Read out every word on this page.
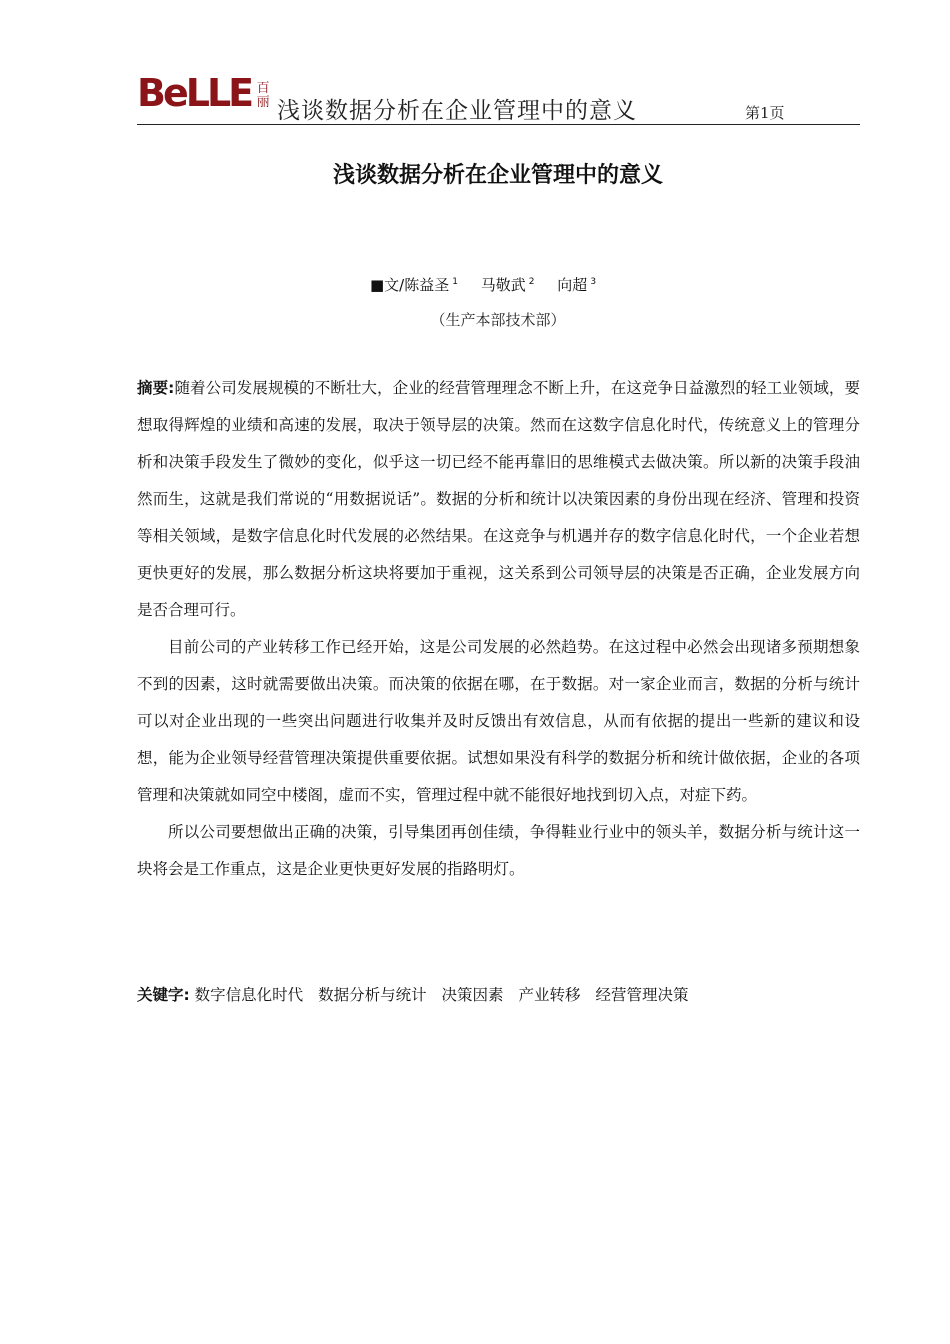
BeLLE 百丽 浅谈数据分析在企业管理中的意义	第1页
浅谈数据分析在企业管理中的意义
■文/陈益圣 $^1$ 马敬武 $^2$ 向超 $^3$
（生产本部技术部）

摘要:随着公司发展规模的不断壮大，企业的经营管理理念不断上升，在这竞争日益激烈的轻工业领域，要想取得辉煌的业绩和高速的发展，取决于领导层的决策。然而在这数字信息化时代，传统意义上的管理分析和决策手段发生了微妙的变化，似乎这一切已经不能再靠旧的思维模式去做决策。所以新的决策手段油然而生，这就是我们常说的“用数据说话”。数据的分析和统计以决策因素的身份出现在经济、管理和投资等相关领域，是数字信息化时代发展的必然结果。在这竞争与机遇并存的数字信息化时代，一个企业若想更快更好的发展，那么数据分析这块将要加于重视，这关系到公司领导层的决策是否正确，企业发展方向是否合理可行。

目前公司的产业转移工作已经开始，这是公司发展的必然趋势。在这过程中必然会出现诸多预期想象不到的因素，这时就需要做出决策。而决策的依据在哪，在于数据。对一家企业而言，数据的分析与统计可以对企业出现的一些突出问题进行收集并及时反馈出有效信息，从而有依据的提出一些新的建议和设想，能为企业领导经营管理决策提供重要依据。试想如果没有科学的数据分析和统计做依据，企业的各项管理和决策就如同空中楼阁，虚而不实，管理过程中就不能很好地找到切入点，对症下药。

所以公司要想做出正确的决策，引导集团再创佳绩，争得鞋业行业中的领头羊，数据分析与统计这一块将会是工作重点，这是企业更快更好发展的指路明灯。

关键字: 数字信息化时代 数据分析与统计 决策因素 产业转移 经营管理决策
